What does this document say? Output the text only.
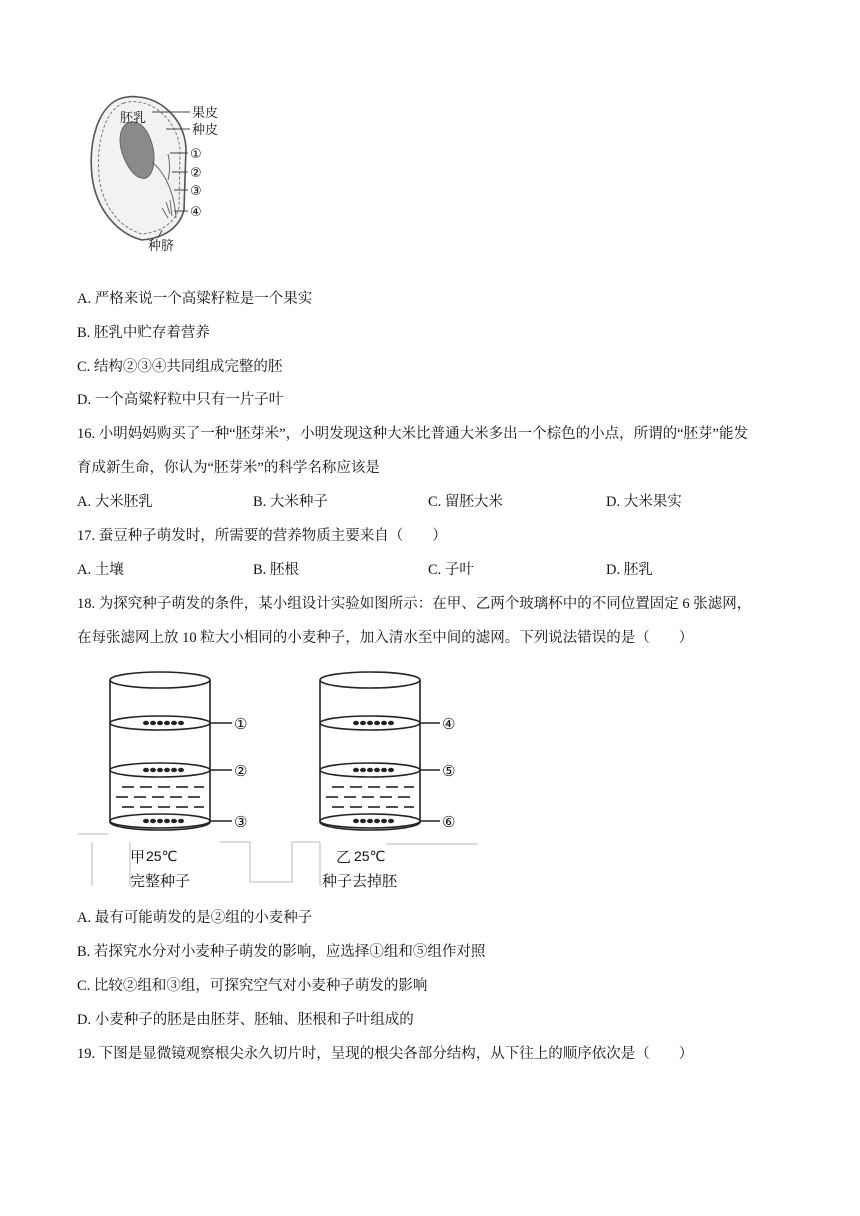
胚乳	果皮
种皮
①
②
③
④
种脐
A. 严格来说一个高粱籽粒是一个果实
B. 胚乳中贮存着营养
C. 结构②③④共同组成完整的胚
D. 一个高粱籽粒中只有一片子叶
16. 小明妈妈购买了一种“胚芽米”，小明发现这种大米比普通大米多出一个棕色的小点，所谓的“胚芽”能发
育成新生命，你认为“胚芽米”的科学名称应该是
A. 大米胚乳	B. 大米种子	C. 留胚大米	D. 大米果实
17. 蚕豆种子萌发时，所需要的营养物质主要来自（　　）
A. 土壤	B. 胚根	C. 子叶	D. 胚乳
18. 为探究种子萌发的条件，某小组设计实验如图所示：在甲、乙两个玻璃杯中的不同位置固定 6 张滤网，
在每张滤网上放 10 粒大小相同的小麦种子，加入清水至中间的滤网。下列说法错误的是（　　）
①
②
③
④
⑤
⑥
甲 25℃
完整种子
乙 25℃
种子去掉胚
A. 最有可能萌发的是②组的小麦种子
B. 若探究水分对小麦种子萌发的影响，应选择①组和⑤组作对照
C. 比较②组和③组，可探究空气对小麦种子萌发的影响
D. 小麦种子的胚是由胚芽、胚轴、胚根和子叶组成的
19. 下图是显微镜观察根尖永久切片时，呈现的根尖各部分结构，从下往上的顺序依次是（　　）
